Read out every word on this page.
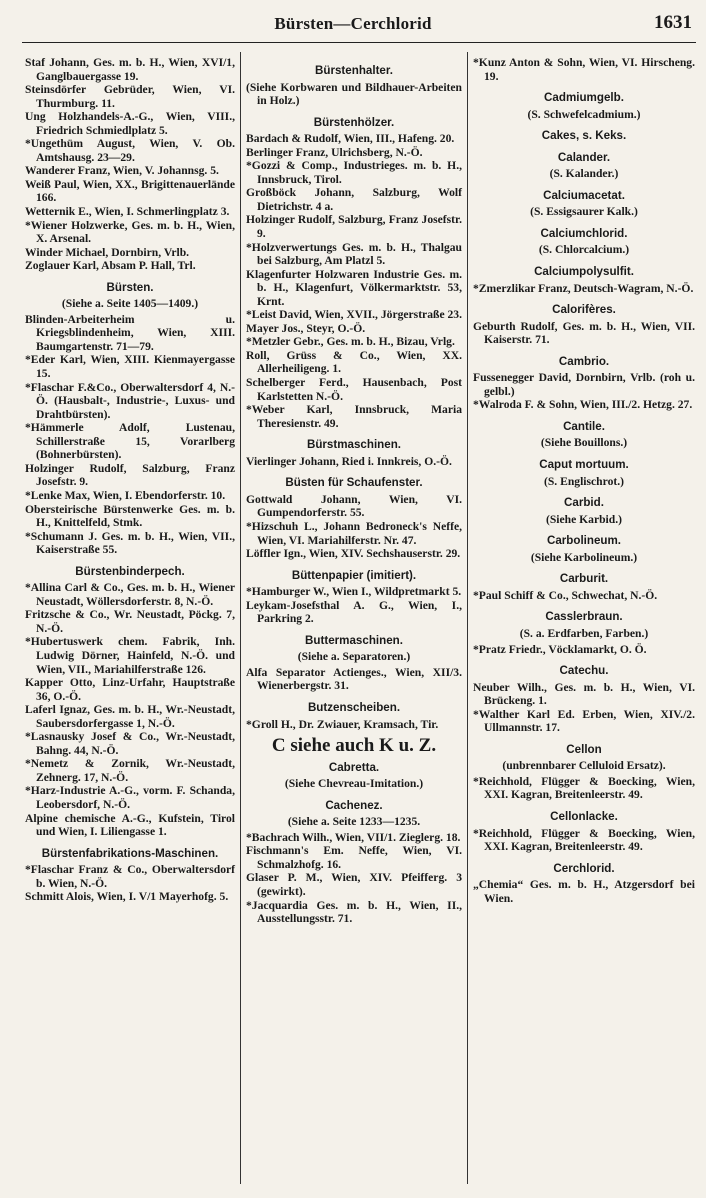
Bürsten—Cerchlorid	1631

Staf Johann, Ges. m. b. H., Wien, XVI/1, Ganglbauergasse 19.

Steinsdörfer Gebrüder, Wien, VI. Thurmburg. 11.

Ung Holzhandels-A.-G., Wien, VIII., Friedrich Schmiedlplatz 5.

*Ungethüm August, Wien, V. Ob. Amtshausg. 23—29.

Wanderer Franz, Wien, V. Johannsg. 5.

Weiß Paul, Wien, XX., Brigittenauerlände 166.

Wetternik E., Wien, I. Schmerlingplatz 3.

*Wiener Holzwerke, Ges. m. b. H., Wien, X. Arsenal.

Winder Michael, Dornbirn, Vrlb.

Zoglauer Karl, Absam P. Hall, Trl.

Bürsten.

(Siehe a. Seite 1405—1409.)

Blinden-Arbeiterheim u. Kriegsblindenheim, Wien, XIII. Baumgartenstr. 71—79.

*Eder Karl, Wien, XIII. Kienmayergasse 15.

*Flaschar F.&Co., Oberwaltersdorf 4, N.-Ö. (Hausbalt-, Industrie-, Luxus- und Drahtbürsten).

*Hämmerle Adolf, Lustenau, Schillerstraße 15, Vorarlberg (Bohnerbürsten).

Holzinger Rudolf, Salzburg, Franz Josefstr. 9.

*Lenke Max, Wien, I. Ebendorferstr. 10.

Obersteirische Bürstenwerke Ges. m. b. H., Knittelfeld, Stmk.

*Schumann J. Ges. m. b. H., Wien, VII., Kaiserstraße 55.

Bürstenbinderpech.

*Allina Carl & Co., Ges. m. b. H., Wiener Neustadt, Wöllersdorferstr. 8, N.-Ö.

Fritzsche & Co., Wr. Neustadt, Pöckg. 7, N.-Ö.

*Hubertuswerk chem. Fabrik, Inh. Ludwig Dörner, Hainfeld, N.-Ö. und Wien, VII., Mariahilferstraße 126.

Kapper Otto, Linz-Urfahr, Hauptstraße 36, O.-Ö.

Laferl Ignaz, Ges. m. b. H., Wr.-Neustadt, Saubersdorfergasse 1, N.-Ö.

*Lasnausky Josef & Co., Wr.-Neustadt, Bahng. 44, N.-Ö.

*Nemetz & Zornik, Wr.-Neustadt, Zehnerg. 17, N.-Ö.

*Harz-Industrie A.-G., vorm. F. Schanda, Leobersdorf, N.-Ö.

Alpine chemische A.-G., Kufstein, Tirol und Wien, I. Liliengasse 1.

Bürstenfabrikations-Maschinen.

*Flaschar Franz & Co., Oberwaltersdorf b. Wien, N.-Ö.

Schmitt Alois, Wien, I. V/1 Mayerhofg. 5.

Bürstenhalter.

(Siehe Korbwaren und Bildhauer-Arbeiten in Holz.)

Bürstenhölzer.

Bardach & Rudolf, Wien, III., Hafeng. 20.

Berlinger Franz, Ulrichsberg, N.-Ö.

*Gozzi & Comp., Industrieges. m. b. H., Innsbruck, Tirol.

Großböck Johann, Salzburg, Wolf Dietrichstr. 4 a.

Holzinger Rudolf, Salzburg, Franz Josefstr. 9.

*Holzverwertungs Ges. m. b. H., Thalgau bei Salzburg, Am Platzl 5.

Klagenfurter Holzwaren Industrie Ges. m. b. H., Klagenfurt, Völkermarktstr. 53, Krnt.

*Leist David, Wien, XVII., Jörgerstraße 23.

Mayer Jos., Steyr, O.-Ö.

*Metzler Gebr., Ges. m. b. H., Bizau, Vrlg.

Roll, Grüss & Co., Wien, XX. Allerheiligeng. 1.

Schelberger Ferd., Hausenbach, Post Karlstetten N.-Ö.

*Weber Karl, Innsbruck, Maria Theresienstr. 49.

Bürstmaschinen.

Vierlinger Johann, Ried i. Innkreis, O.-Ö.

Büsten für Schaufenster.

Gottwald Johann, Wien, VI. Gumpendorferstr. 55.

*Hizschuh L., Johann Bedroneck's Neffe, Wien, VI. Mariahilferstr. Nr. 47.

Löffler Ign., Wien, XIV. Sechshauserstr. 29.

Büttenpapier (imitiert).

*Hamburger W., Wien I., Wildpretmarkt 5.

Leykam-Josefsthal A. G., Wien, I., Parkring 2.

Buttermaschinen.

(Siehe a. Separatoren.)

Alfa Separator Actienges., Wien, XII/3. Wienerbergstr. 31.

Butzenscheiben.

*Groll H., Dr. Zwiauer, Kramsach, Tir.

C siehe auch K u. Z.

Cabretta.

(Siehe Chevreau-Imitation.)

Cachenez.

(Siehe a. Seite 1233—1235.

*Bachrach Wilh., Wien, VII/1. Zieglerg. 18.

Fischmann's Em. Neffe, Wien, VI. Schmalzhofg. 16.

Glaser P. M., Wien, XIV. Pfeifferg. 3 (gewirkt).

*Jacquardia Ges. m. b. H., Wien, II., Ausstellungsstr. 71.

*Kunz Anton & Sohn, Wien, VI. Hirscheng. 19.

Cadmiumgelb.

(S. Schwefelcadmium.)

Cakes, s. Keks.

Calander.

(S. Kalander.)

Calciumacetat.

(S. Essigsaurer Kalk.)

Calciumchlorid.

(S. Chlorcalcium.)

Calciumpolysulfit.

*Zmerzlikar Franz, Deutsch-Wagram, N.-Ö.

Calorifères.

Geburth Rudolf, Ges. m. b. H., Wien, VII. Kaiserstr. 71.

Cambrio.

Fussenegger David, Dornbirn, Vrlb. (roh u. gelbl.)

*Walroda F. & Sohn, Wien, III./2. Hetzg. 27.

Cantile.

(Siehe Bouillons.)

Caput mortuum.

(S. Englischrot.)

Carbid.

(Siehe Karbid.)

Carbolineum.

(Siehe Karbolineum.)

Carburit.

*Paul Schiff & Co., Schwechat, N.-Ö.

Casslerbraun.

(S. a. Erdfarben, Farben.)

*Pratz Friedr., Vöcklamarkt, O. Ö.

Catechu.

Neuber Wilh., Ges. m. b. H., Wien, VI. Brückeng. 1.

*Walther Karl Ed. Erben, Wien, XIV./2. Ullmannstr. 17.

Cellon

(unbrennbarer Celluloid Ersatz).

*Reichhold, Flügger & Boecking, Wien, XXI. Kagran, Breitenleerstr. 49.

Cellonlacke.

*Reichhold, Flügger & Boecking, Wien, XXI. Kagran, Breitenleerstr. 49.

Cerchlorid.

„Chemia“ Ges. m. b. H., Atzgersdorf bei Wien.
